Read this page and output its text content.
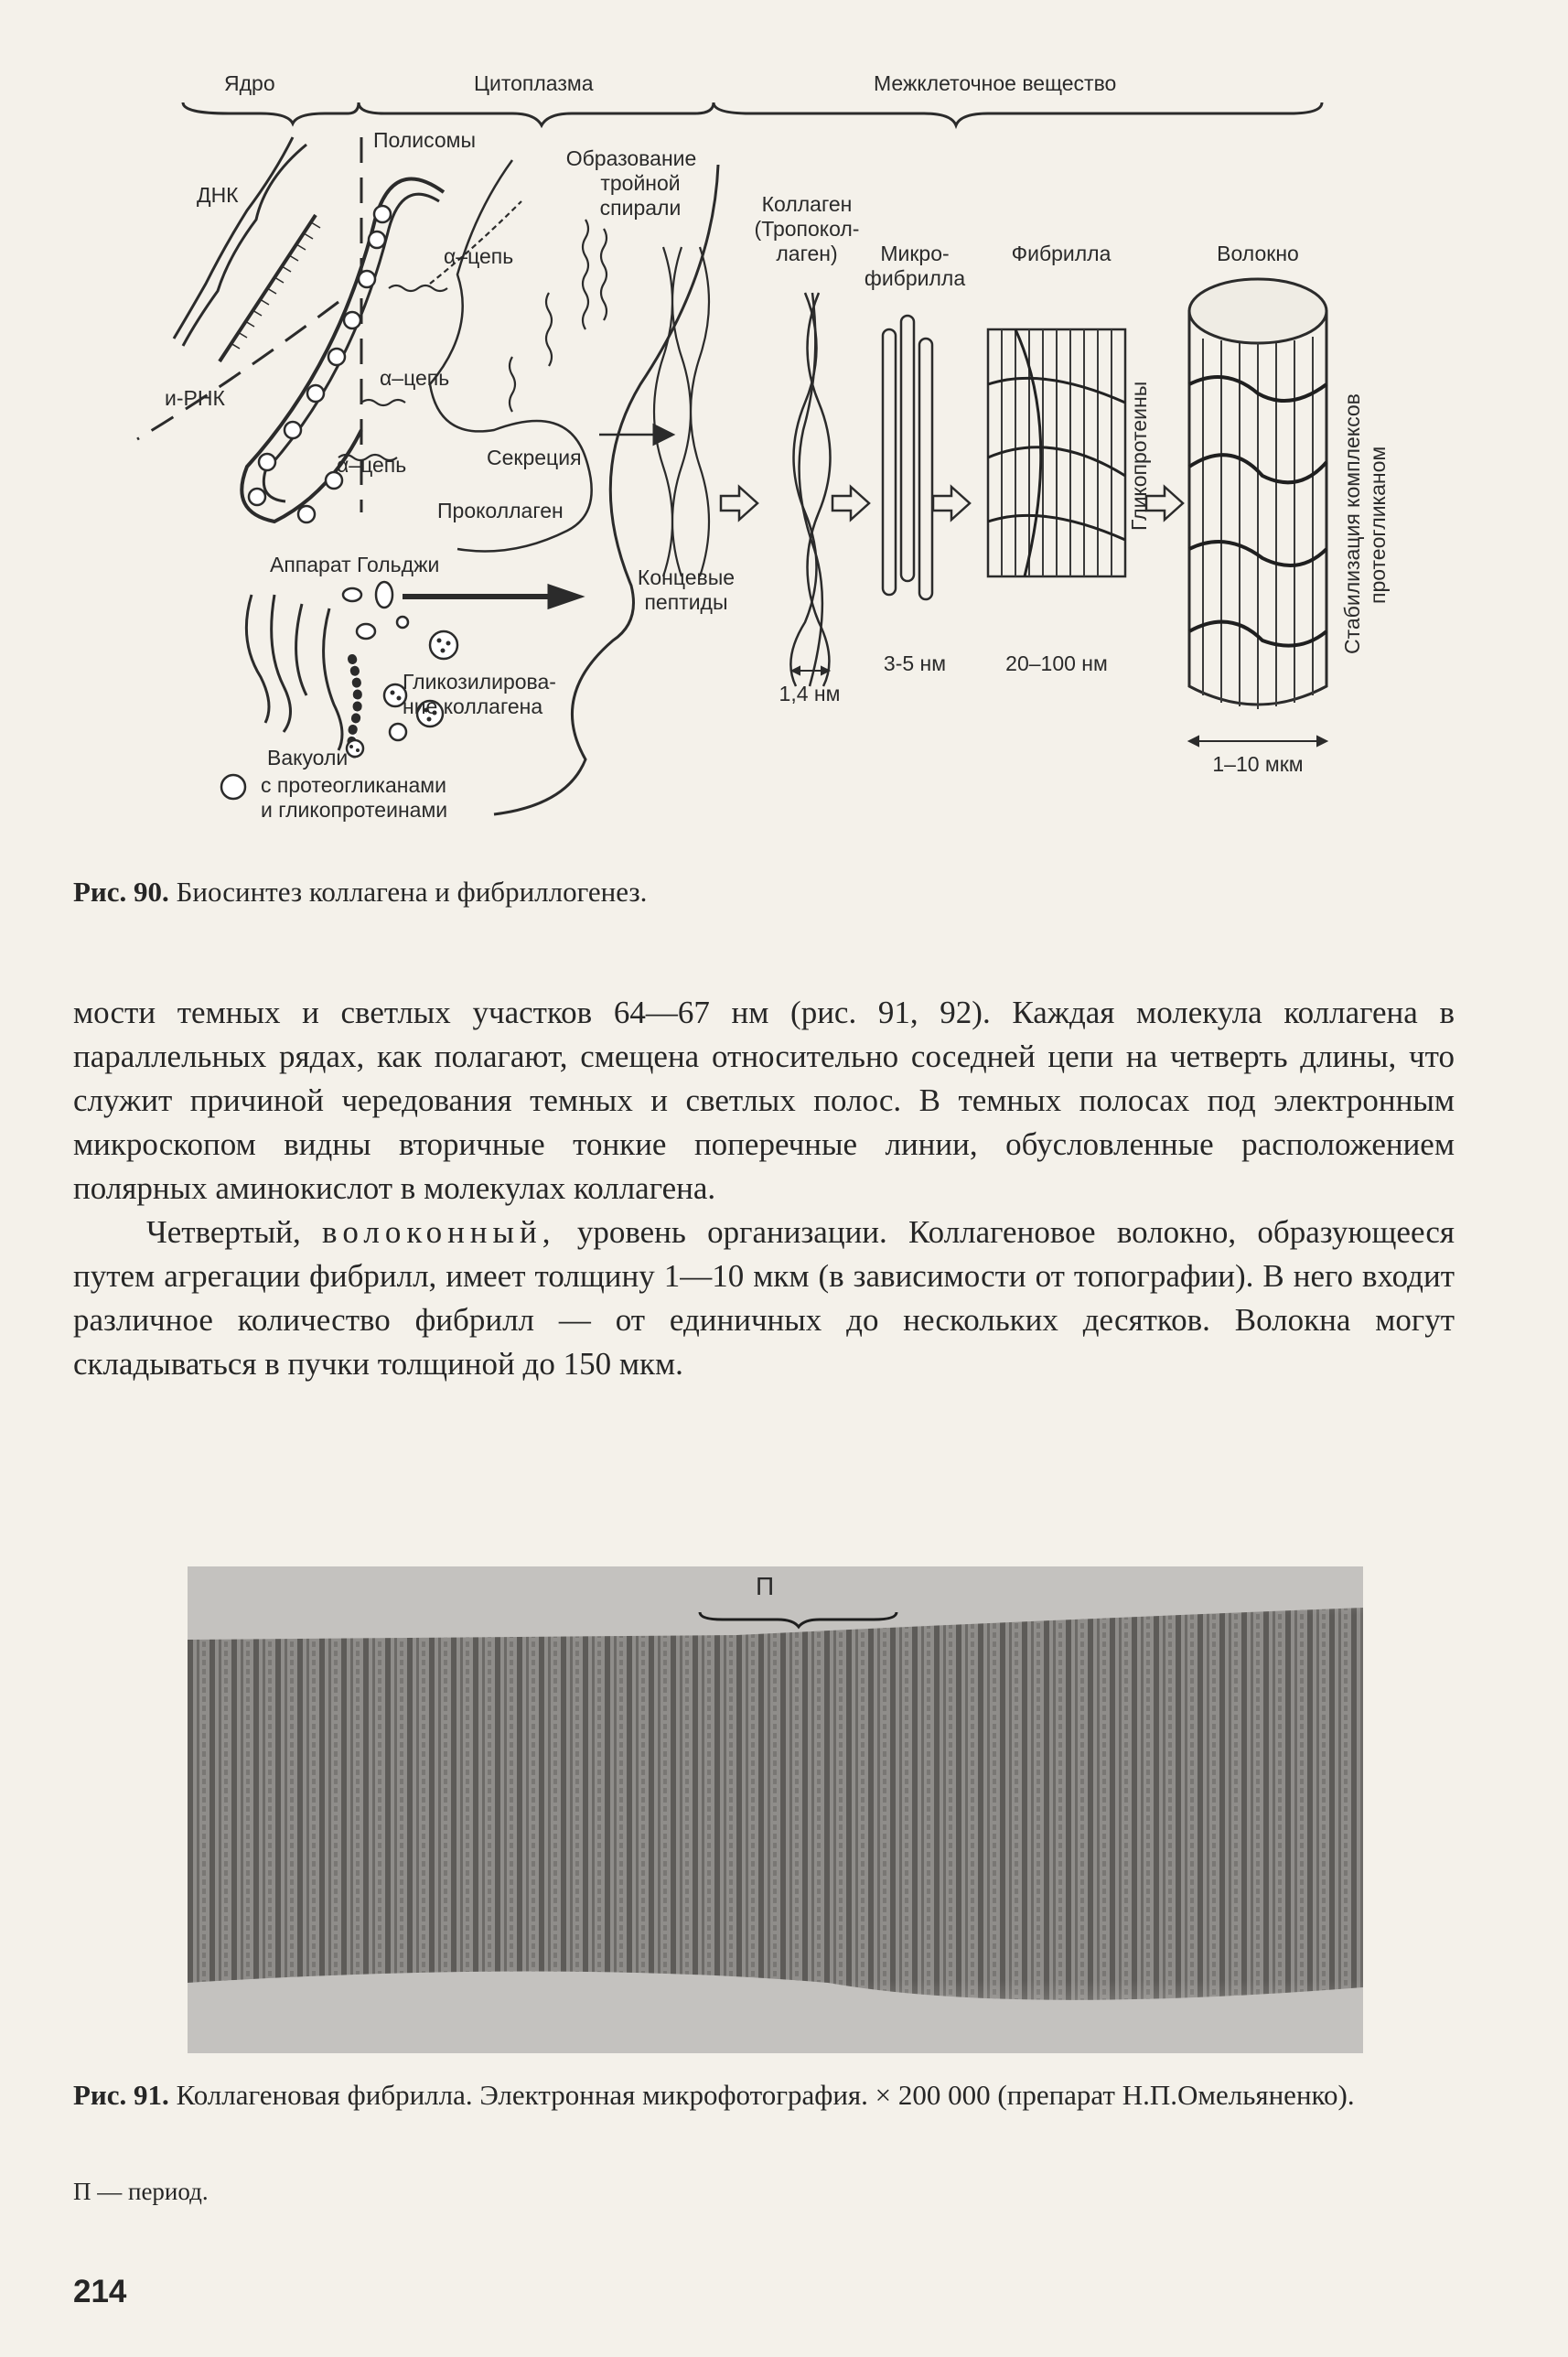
Ядро	Цитоплазма	Межклеточное вещество
ДНК
и-РНК
Полисомы
α–цепь
α–цепь
α–цепь
Образование
тройной
спирали
Секреция
Проколлаген
Аппарат Гольджи
Концевые
пептиды
Гликозилирова-
ние коллагена
Вакуоли
с протеогликанами
и гликопротеинами
Коллаген
(Тропокол-
лаген)	Микро-
фибрилла
Фибрилла	Волокно
Гликопротеины	Стабилизация комплексов протеогликаном
1,4 нм
3-5 нм	20–100 нм
1–10 мкм
Рис. 90. Биосинтез коллагена и фибриллогенез.

мости темных и светлых участков 64—67 нм (рис. 91, 92). Каждая молекула коллагена в параллельных рядах, как полагают, смещена относительно соседней цепи на четверть длины, что служит причиной чередования темных и светлых полос. В темных полосах под электронным микроскопом видны вторичные тонкие поперечные линии, обусловленные расположением полярных аминокислот в молекулах коллагена.

Четвертый, волоконный, уровень организации. Коллагеновое волокно, образующееся путем агрегации фибрилл, имеет толщину 1—10 мкм (в зависимости от топографии). В него входит различное количество фибрилл — от единичных до нескольких десятков. Волокна могут складываться в пучки толщиной до 150 мкм.

П
Рис. 91. Коллагеновая фибрилла. Электронная микрофотография. × 200 000 (препарат Н.П.Омельяненко).
П — период.
214
